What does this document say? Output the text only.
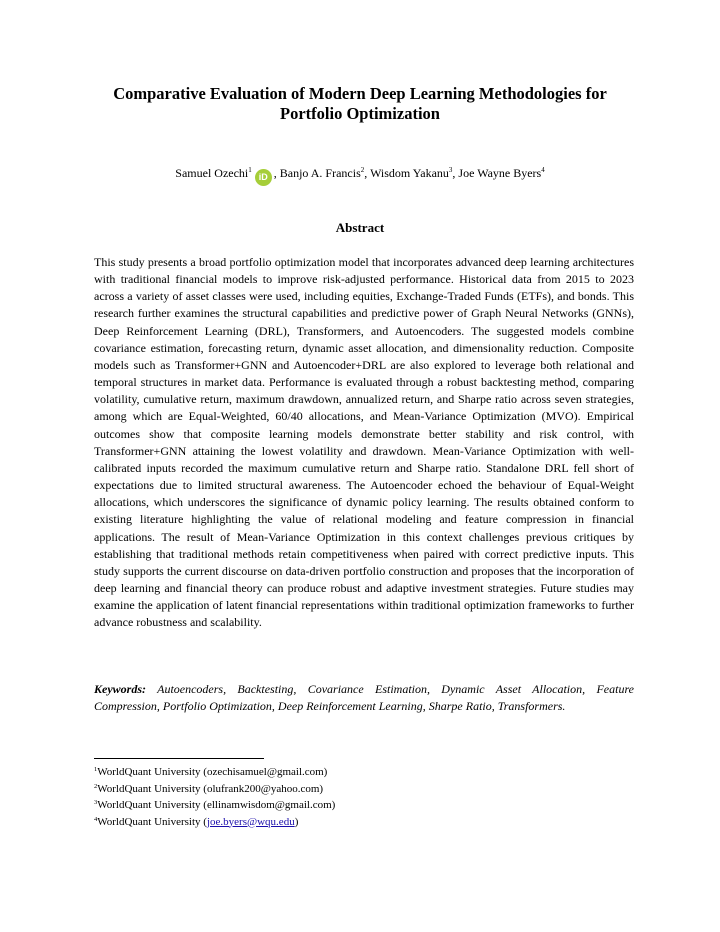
Comparative Evaluation of Modern Deep Learning Methodologies for
Portfolio Optimization
Samuel Ozechi$^1$iD , Banjo A. Francis$^2$, Wisdom Yakanu$^3$, Joe Wayne Byers$^4$
Abstract

This study presents a broad portfolio optimization model that incorporates advanced deep learning architectures with traditional financial models to improve risk-adjusted performance. Historical data from 2015 to 2023 across a variety of asset classes were used, including equities, Exchange-Traded Funds (ETFs), and bonds. This research further examines the structural capabilities and predictive power of Graph Neural Networks (GNNs), Deep Reinforcement Learning (DRL), Transformers, and Autoencoders. The suggested models combine covariance estimation, forecasting return, dynamic asset allocation, and dimensionality reduction. Composite models such as Transformer+GNN and Autoencoder+DRL are also explored to leverage both relational and temporal structures in market data. Performance is evaluated through a robust backtesting method, comparing volatility, cumulative return, maximum drawdown, annualized return, and Sharpe ratio across seven strategies, among which are Equal-Weighted, 60/40 allocations, and Mean-Variance Optimization (MVO). Empirical outcomes show that composite learning models demonstrate better stability and risk control, with Transformer+GNN attaining the lowest volatility and drawdown. Mean-Variance Optimization with well-calibrated inputs recorded the maximum cumulative return and Sharpe ratio. Standalone DRL fell short of expectations due to limited structural awareness. The Autoencoder echoed the behaviour of Equal-Weight allocations, which underscores the significance of dynamic policy learning. The results obtained conform to existing literature highlighting the value of relational modeling and feature compression in financial applications. The result of Mean-Variance Optimization in this context challenges previous critiques by establishing that traditional methods retain competitiveness when paired with correct predictive inputs. This study supports the current discourse on data-driven portfolio construction and proposes that the incorporation of deep learning and financial theory can produce robust and adaptive investment strategies. Future studies may examine the application of latent financial representations within traditional optimization frameworks to further advance robustness and scalability.

Keywords: Autoencoders, Backtesting, Covariance Estimation, Dynamic Asset Allocation, Feature Compression, Portfolio Optimization, Deep Reinforcement Learning, Sharpe Ratio, Transformers.

$^1$WorldQuant University (ozechisamuel@gmail.com)
$^2$WorldQuant University (olufrank200@yahoo.com)
$^3$WorldQuant University (ellinamwisdom@gmail.com)
$^4$WorldQuant University (joe.byers@wqu.edu)
